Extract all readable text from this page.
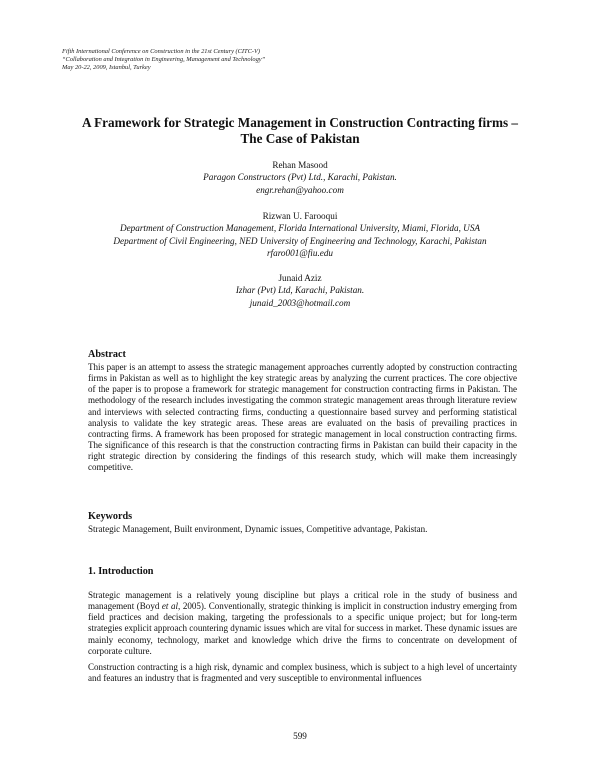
Fifth International Conference on Construction in the 21st Century (CITC-V)
“Collaboration and Integration in Engineering, Management and Technology”
May 20-22, 2009, Istanbul, Turkey
A Framework for Strategic Management in Construction Contracting firms –
The Case of Pakistan
Rehan Masood
Paragon Constructors (Pvt) Ltd., Karachi, Pakistan.
engr.rehan@yahoo.com
Rizwan U. Farooqui
Department of Construction Management, Florida International University, Miami, Florida, USA
Department of Civil Engineering, NED University of Engineering and Technology, Karachi, Pakistan
rfaro001@fiu.edu
Junaid Aziz
Izhar (Pvt) Ltd, Karachi, Pakistan.
junaid_2003@hotmail.com
Abstract
This paper is an attempt to assess the strategic management approaches currently adopted by construction contracting firms in Pakistan as well as to highlight the key strategic areas by analyzing the current practices. The core objective of the paper is to propose a framework for strategic management for construction contracting firms in Pakistan. The methodology of the research includes investigating the common strategic management areas through literature review and interviews with selected contracting firms, conducting a questionnaire based survey and performing statistical analysis to validate the key strategic areas. These areas are evaluated on the basis of prevailing practices in contracting firms. A framework has been proposed for strategic management in local construction contracting firms. The significance of this research is that the construction contracting firms in Pakistan can build their capacity in the right strategic direction by considering the findings of this research study, which will make them increasingly competitive.
Keywords
Strategic Management, Built environment, Dynamic issues, Competitive advantage, Pakistan.
1. Introduction
Strategic management is a relatively young discipline but plays a critical role in the study of business and management (Boyd et al, 2005). Conventionally, strategic thinking is implicit in construction industry emerging from field practices and decision making, targeting the professionals to a specific unique project; but for long-term strategies explicit approach countering dynamic issues which are vital for success in market. These dynamic issues are mainly economy, technology, market and knowledge which drive the firms to concentrate on development of corporate culture.
Construction contracting is a high risk, dynamic and complex business, which is subject to a high level of uncertainty and features an industry that is fragmented and very susceptible to environmental influences
599
